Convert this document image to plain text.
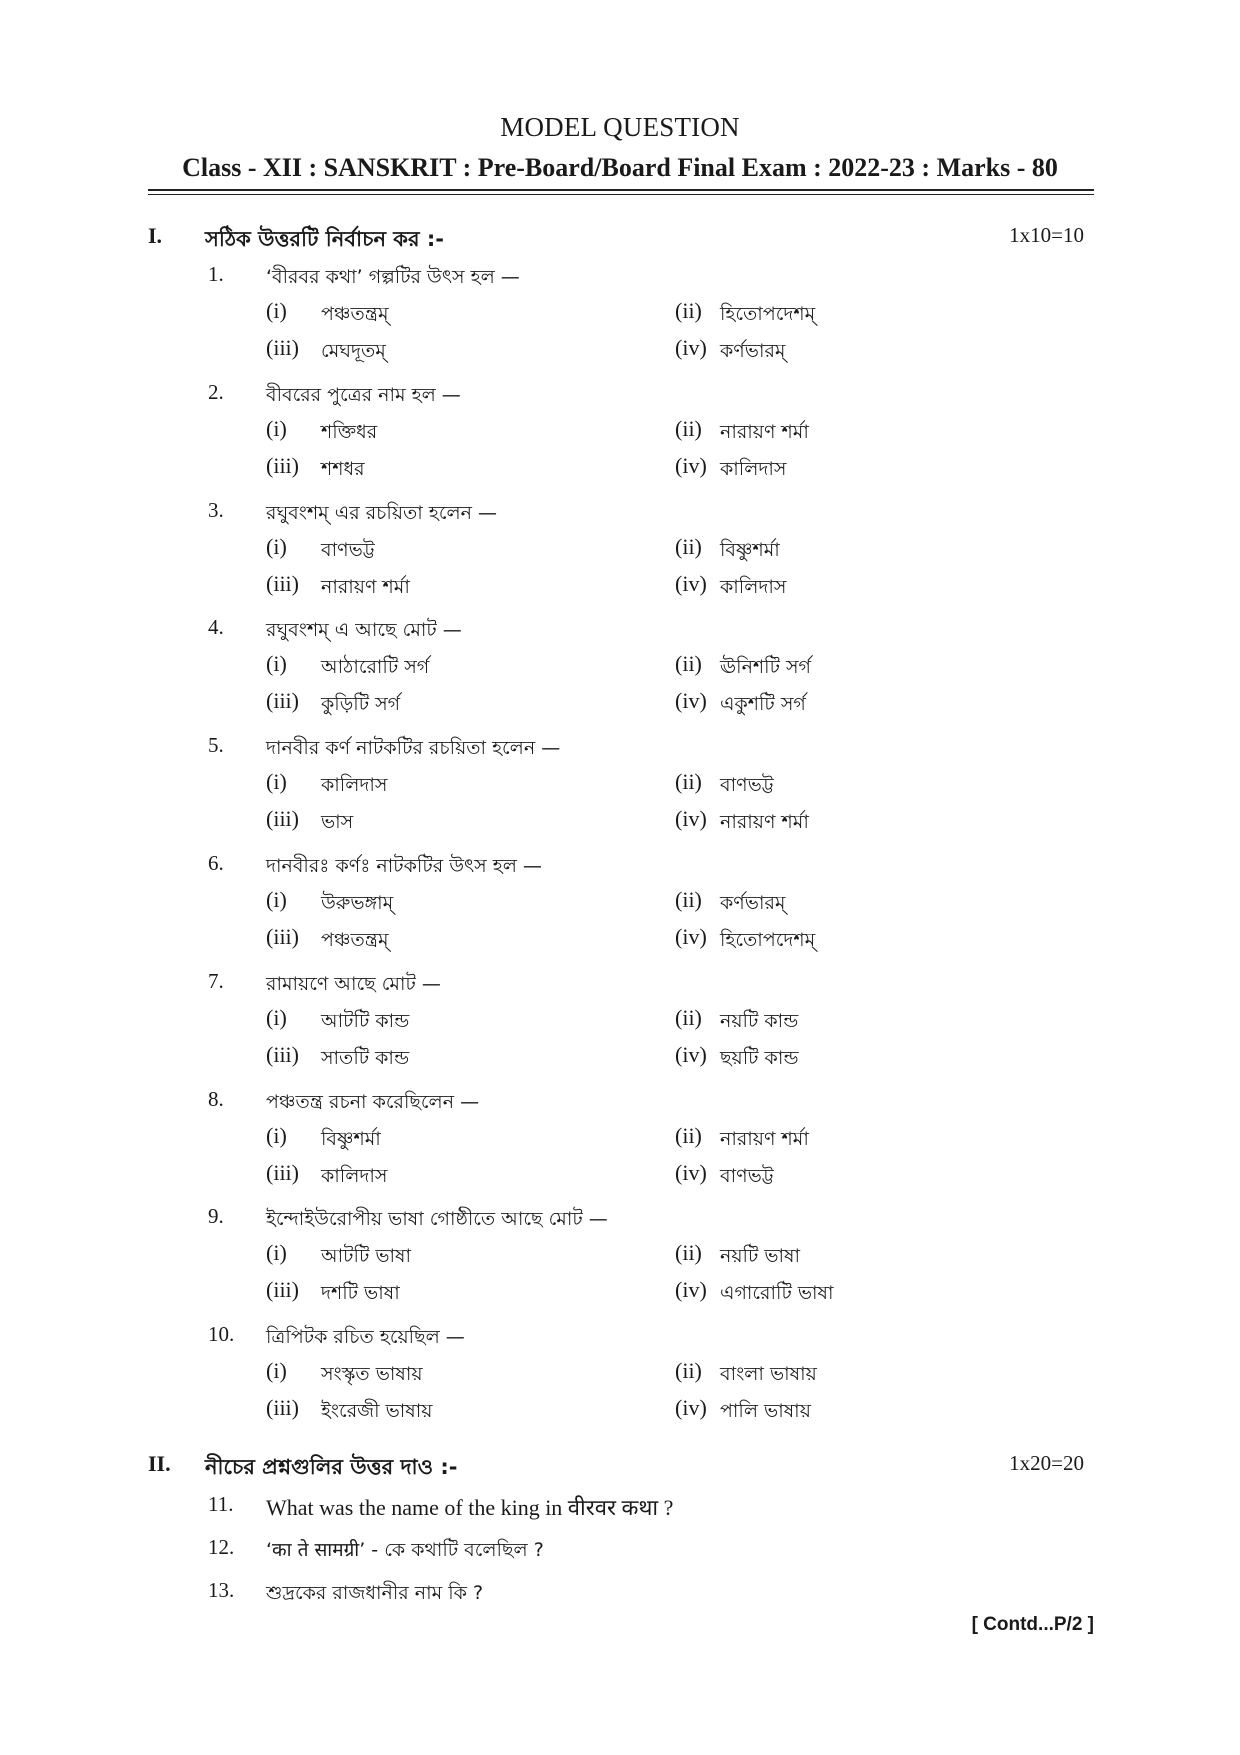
MODEL QUESTION
Class - XII : SANSKRIT : Pre-Board/Board Final Exam : 2022-23 : Marks - 80
I. সঠিক উত্তরটি নির্বাচন কর :-	1x10=10
1. ‘বীরবর কথা’ গল্পটির উৎস হল —
(i) পঞ্চতন্ত্রম্	(ii) হিতোপদেশম্
(iii) মেঘদূতম্	(iv) কর্ণভারম্
2. বীবরের পুত্রের নাম হল —
(i) শক্তিধর	(ii) নারায়ণ শর্মা
(iii) শশধর	(iv) কালিদাস
3. রঘুবংশম্ এর রচয়িতা হলেন —
(i) বাণভট্ট	(ii) বিষ্ণুশর্মা
(iii) নারায়ণ শর্মা	(iv) কালিদাস
4. রঘুবংশম্ এ আছে মোট —
(i) আঠারোটি সর্গ	(ii) ঊনিশটি সর্গ
(iii) কুড়িটি সর্গ	(iv) একুশটি সর্গ
5. দানবীর কর্ণ নাটকটির রচয়িতা হলেন —
(i) কালিদাস	(ii) বাণভট্ট
(iii) ভাস	(iv) নারায়ণ শর্মা
6. দানবীরঃ কর্ণঃ নাটকটির উৎস হল —
(i) উরুভঙ্গাম্	(ii) কর্ণভারম্
(iii) পঞ্চতন্ত্রম্	(iv) হিতোপদেশম্
7. রামায়ণে আছে মোট —
(i) আটটি কান্ড	(ii) নয়টি কান্ড
(iii) সাতটি কান্ড	(iv) ছয়টি কান্ড
8. পঞ্চতন্ত্র রচনা করেছিলেন —
(i) বিষ্ণুশর্মা	(ii) নারায়ণ শর্মা
(iii) কালিদাস	(iv) বাণভট্ট
9. ইন্দোইউরোপীয় ভাষা গোষ্ঠীতে আছে মোট —
(i) আটটি ভাষা	(ii) নয়টি ভাষা
(iii) দশটি ভাষা	(iv) এগারোটি ভাষা
10. ত্রিপিটক রচিত হয়েছিল —
(i) সংস্কৃত ভাষায়	(ii) বাংলা ভাষায়
(iii) ইংরেজী ভাষায়	(iv) পালি ভাষায়
II. নীচের প্রশ্নগুলির উত্তর দাও :-	1x20=20
11. What was the name of the king in वीरवर कथा ?
12. ‘का ते सामग्री’ - কে কথাটি বলেছিল ?
13. শুদ্রকের রাজধানীর নাম কি ?
[ Contd...P/2 ]
